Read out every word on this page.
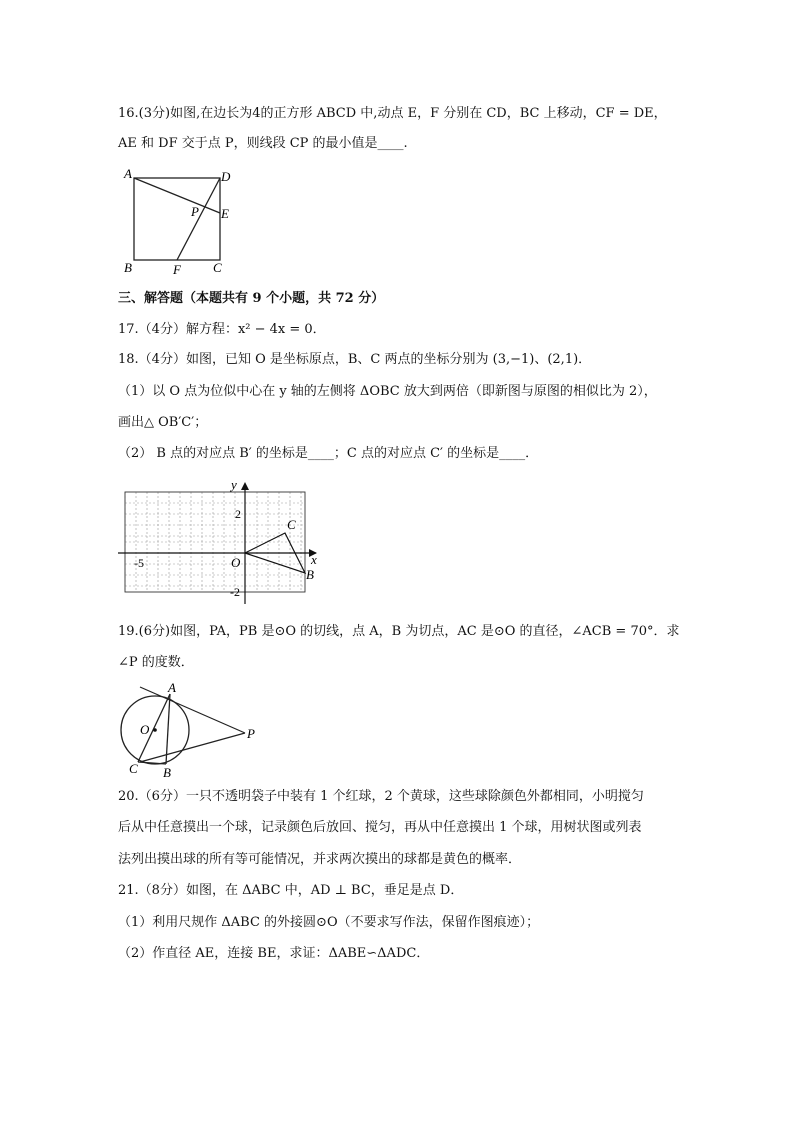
16.(3分)如图,在边长为4的正方形 ABCD 中,动点 E，F 分别在 CD，BC 上移动，CF = DE，
AE 和 DF 交于点 P，则线段 CP 的最小值是____.
A	D
P E
B	F C
三、解答题（本题共有 9 个小题，共 72 分）
17.（4分）解方程：x² − 4x = 0．
18.（4分）如图，已知 O 是坐标原点，B、C 两点的坐标分别为 (3,−1)、(2,1)．
（1）以 O 点为位似中心在 y 轴的左侧将 ΔOBC 放大到两倍（即新图与原图的相似比为 2），
画出△ OB′C′；
（2） B 点的对应点 B′ 的坐标是____；C 点的对应点 C′ 的坐标是____．
y
x
2
-2
-5	O
C
B
19.(6分)如图，PA，PB 是⊙O 的切线，点 A，B 为切点，AC 是⊙O 的直径，∠ACB = 70°．求
∠P 的度数．
A
O	P
C B
20.（6分）一只不透明袋子中装有 1 个红球，2 个黄球，这些球除颜色外都相同，小明搅匀
后从中任意摸出一个球，记录颜色后放回、搅匀，再从中任意摸出 1 个球，用树状图或列表
法列出摸出球的所有等可能情况，并求两次摸出的球都是黄色的概率．
21.（8分）如图，在 ΔABC 中，AD ⊥ BC，垂足是点 D．
（1）利用尺规作 ΔABC 的外接圆⊙O（不要求写作法，保留作图痕迹）；
（2）作直径 AE，连接 BE，求证：ΔABE∽ΔADC．
